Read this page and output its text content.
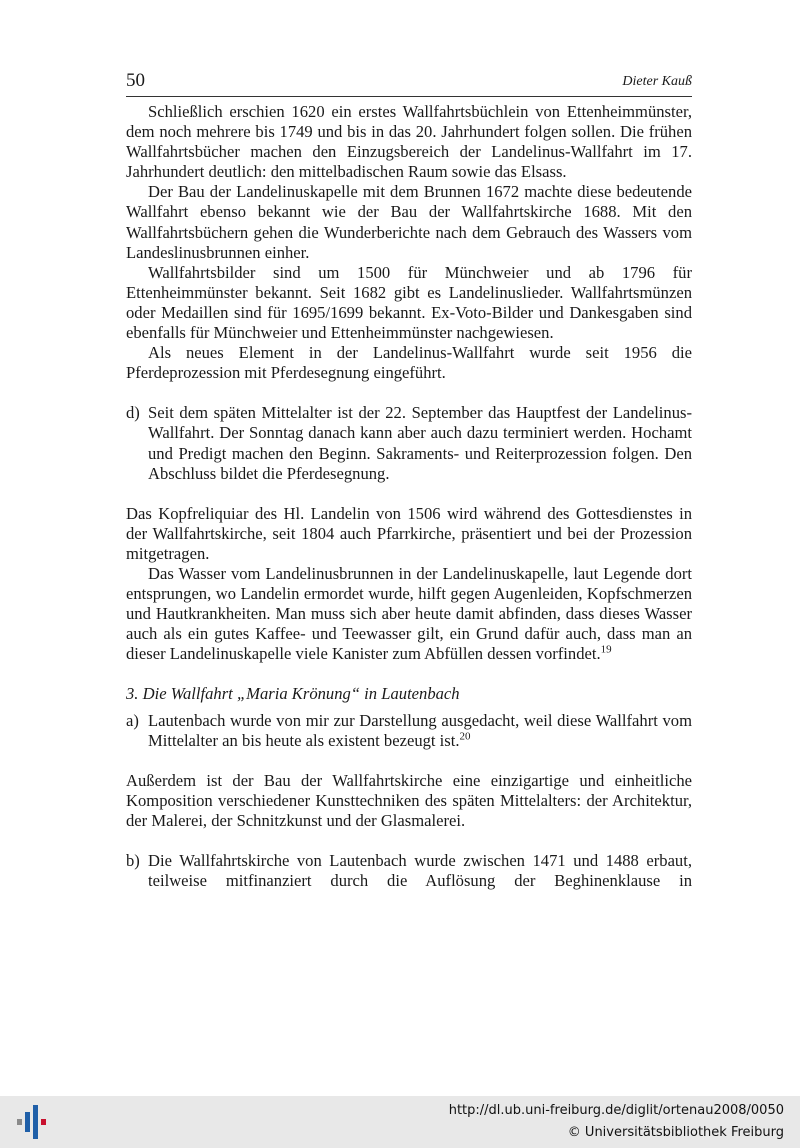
50	Dieter Kauß

Schließlich erschien 1620 ein erstes Wallfahrtsbüchlein von Ettenheimmünster, dem noch mehrere bis 1749 und bis in das 20. Jahrhundert folgen sollen. Die frühen Wallfahrtsbücher machen den Einzugsbereich der Landelinus-Wallfahrt im 17. Jahrhundert deutlich: den mittelbadischen Raum sowie das Elsass.

Der Bau der Landelinuskapelle mit dem Brunnen 1672 machte diese bedeutende Wallfahrt ebenso bekannt wie der Bau der Wallfahrtskirche 1688. Mit den Wallfahrtsbüchern gehen die Wunderberichte nach dem Gebrauch des Wassers vom Landeslinusbrunnen einher.

Wallfahrtsbilder sind um 1500 für Münchweier und ab 1796 für Ettenheimmünster bekannt. Seit 1682 gibt es Landelinuslieder. Wallfahrtsmünzen oder Medaillen sind für 1695/1699 bekannt. Ex-Voto-Bilder und Dankesgaben sind ebenfalls für Münchweier und Ettenheimmünster nachgewiesen.

Als neues Element in der Landelinus-Wallfahrt wurde seit 1956 die Pferdeprozession mit Pferdesegnung eingeführt.

d) Seit dem späten Mittelalter ist der 22. September das Hauptfest der Landelinus-Wallfahrt. Der Sonntag danach kann aber auch dazu terminiert werden. Hochamt und Predigt machen den Beginn. Sakraments- und Reiterprozession folgen. Den Abschluss bildet die Pferdesegnung.

Das Kopfreliquiar des Hl. Landelin von 1506 wird während des Gottesdienstes in der Wallfahrtskirche, seit 1804 auch Pfarrkirche, präsentiert und bei der Prozession mitgetragen.

Das Wasser vom Landelinusbrunnen in der Landelinuskapelle, laut Legende dort entsprungen, wo Landelin ermordet wurde, hilft gegen Augenleiden, Kopfschmerzen und Hautkrankheiten. Man muss sich aber heute damit abfinden, dass dieses Wasser auch als ein gutes Kaffee- und Teewasser gilt, ein Grund dafür auch, dass man an dieser Landelinuskapelle viele Kanister zum Abfüllen dessen vorfindet.$^{19}$

3. Die Wallfahrt „Maria Krönung“ in Lautenbach

a) Lautenbach wurde von mir zur Darstellung ausgedacht, weil diese Wallfahrt vom Mittelalter an bis heute als existent bezeugt ist.$^{20}$

Außerdem ist der Bau der Wallfahrtskirche eine einzigartige und einheitliche Komposition verschiedener Kunsttechniken des späten Mittelalters: der Architektur, der Malerei, der Schnitzkunst und der Glasmalerei.

b) Die Wallfahrtskirche von Lautenbach wurde zwischen 1471 und 1488 erbaut, teilweise mitfinanziert durch die Auflösung der Beghinenklause in

http://dl.ub.uni-freiburg.de/diglit/ortenau2008/0050
© Universitätsbibliothek Freiburg
